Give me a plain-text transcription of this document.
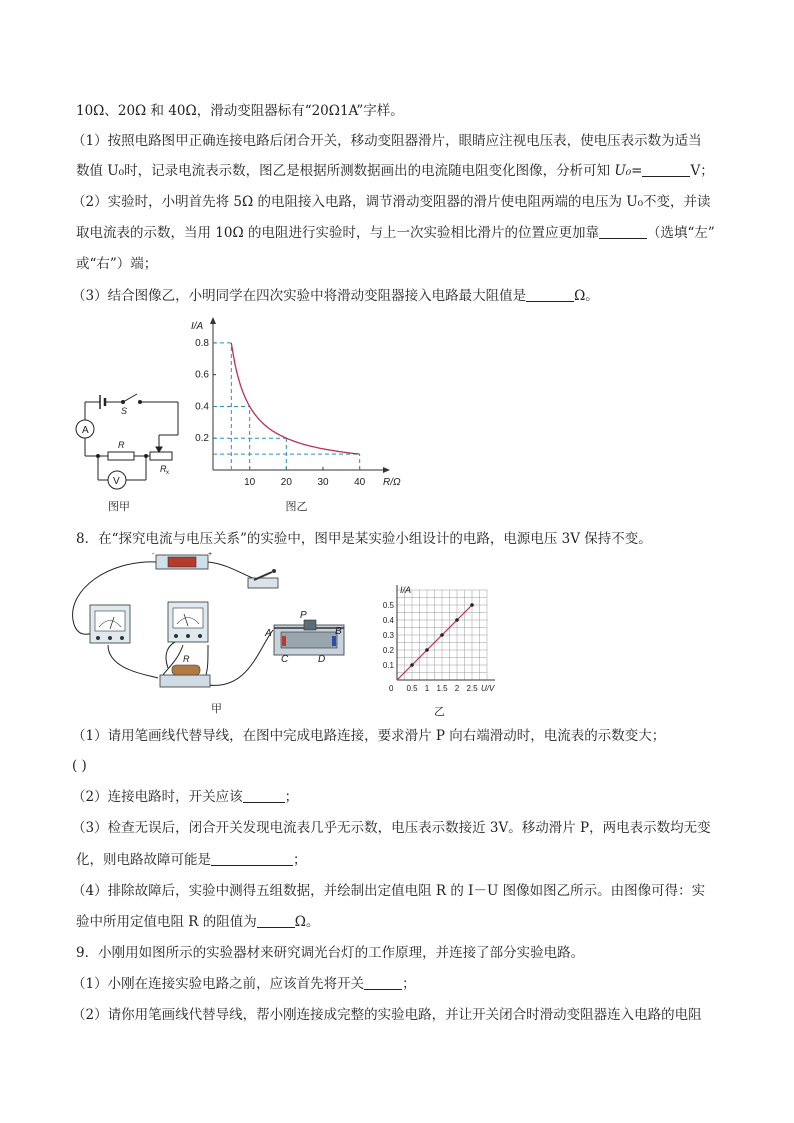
10Ω、20Ω 和 40Ω，滑动变阻器标有“20Ω1A”字样。
（1）按照电路图甲正确连接电路后闭合开关，移动变阻器滑片，眼睛应注视电压表，使电压表示数为适当
数值 U₀时，记录电流表示数，图乙是根据所测数据画出的电流随电阻变化图像，分析可知 U₀=	V；
（2）实验时，小明首先将 5Ω 的电阻接入电路，调节滑动变阻器的滑片使电阻两端的电压为 U₀不变，并读
取电流表的示数，当用 10Ω 的电阻进行实验时，与上一次实验相比滑片的位置应更加靠	（选填“左”
或“右”）端；
（3）结合图像乙，小明同学在四次实验中将滑动变阻器接入电路最大阻值是	Ω。
S
A
R
V
R x
图甲
10	20	30	40
0.2
0.4
0.6
0.8
R/Ω
I/A
图乙
8．在“探究电流与电压关系”的实验中，图甲是某实验小组设计的电路，电源电压 3V 保持不变。
-	+
R
A	B
P
C	D
甲
0.5 1 1.5 2 2.5
0.1
0.2
0.3
0.4
0.5
0	U/V
I/A
乙
（1）请用笔画线代替导线，在图中完成电路连接，要求滑片 P 向右端滑动时，电流表的示数变大；
( )
（2）连接电路时，开关应该	；
（3）检查无误后，闭合开关发现电流表几乎无示数，电压表示数接近 3V。移动滑片 P，两电表示数均无变
化，则电路故障可能是	；
（4）排除故障后，实验中测得五组数据，并绘制出定值电阻 R 的 I－U 图像如图乙所示。由图像可得：实
验中所用定值电阻 R 的阻值为	Ω。
9．小刚用如图所示的实验器材来研究调光台灯的工作原理，并连接了部分实验电路。
（1）小刚在连接实验电路之前，应该首先将开关	；
（2）请你用笔画线代替导线，帮小刚连接成完整的实验电路，并让开关闭合时滑动变阻器连入电路的电阻
